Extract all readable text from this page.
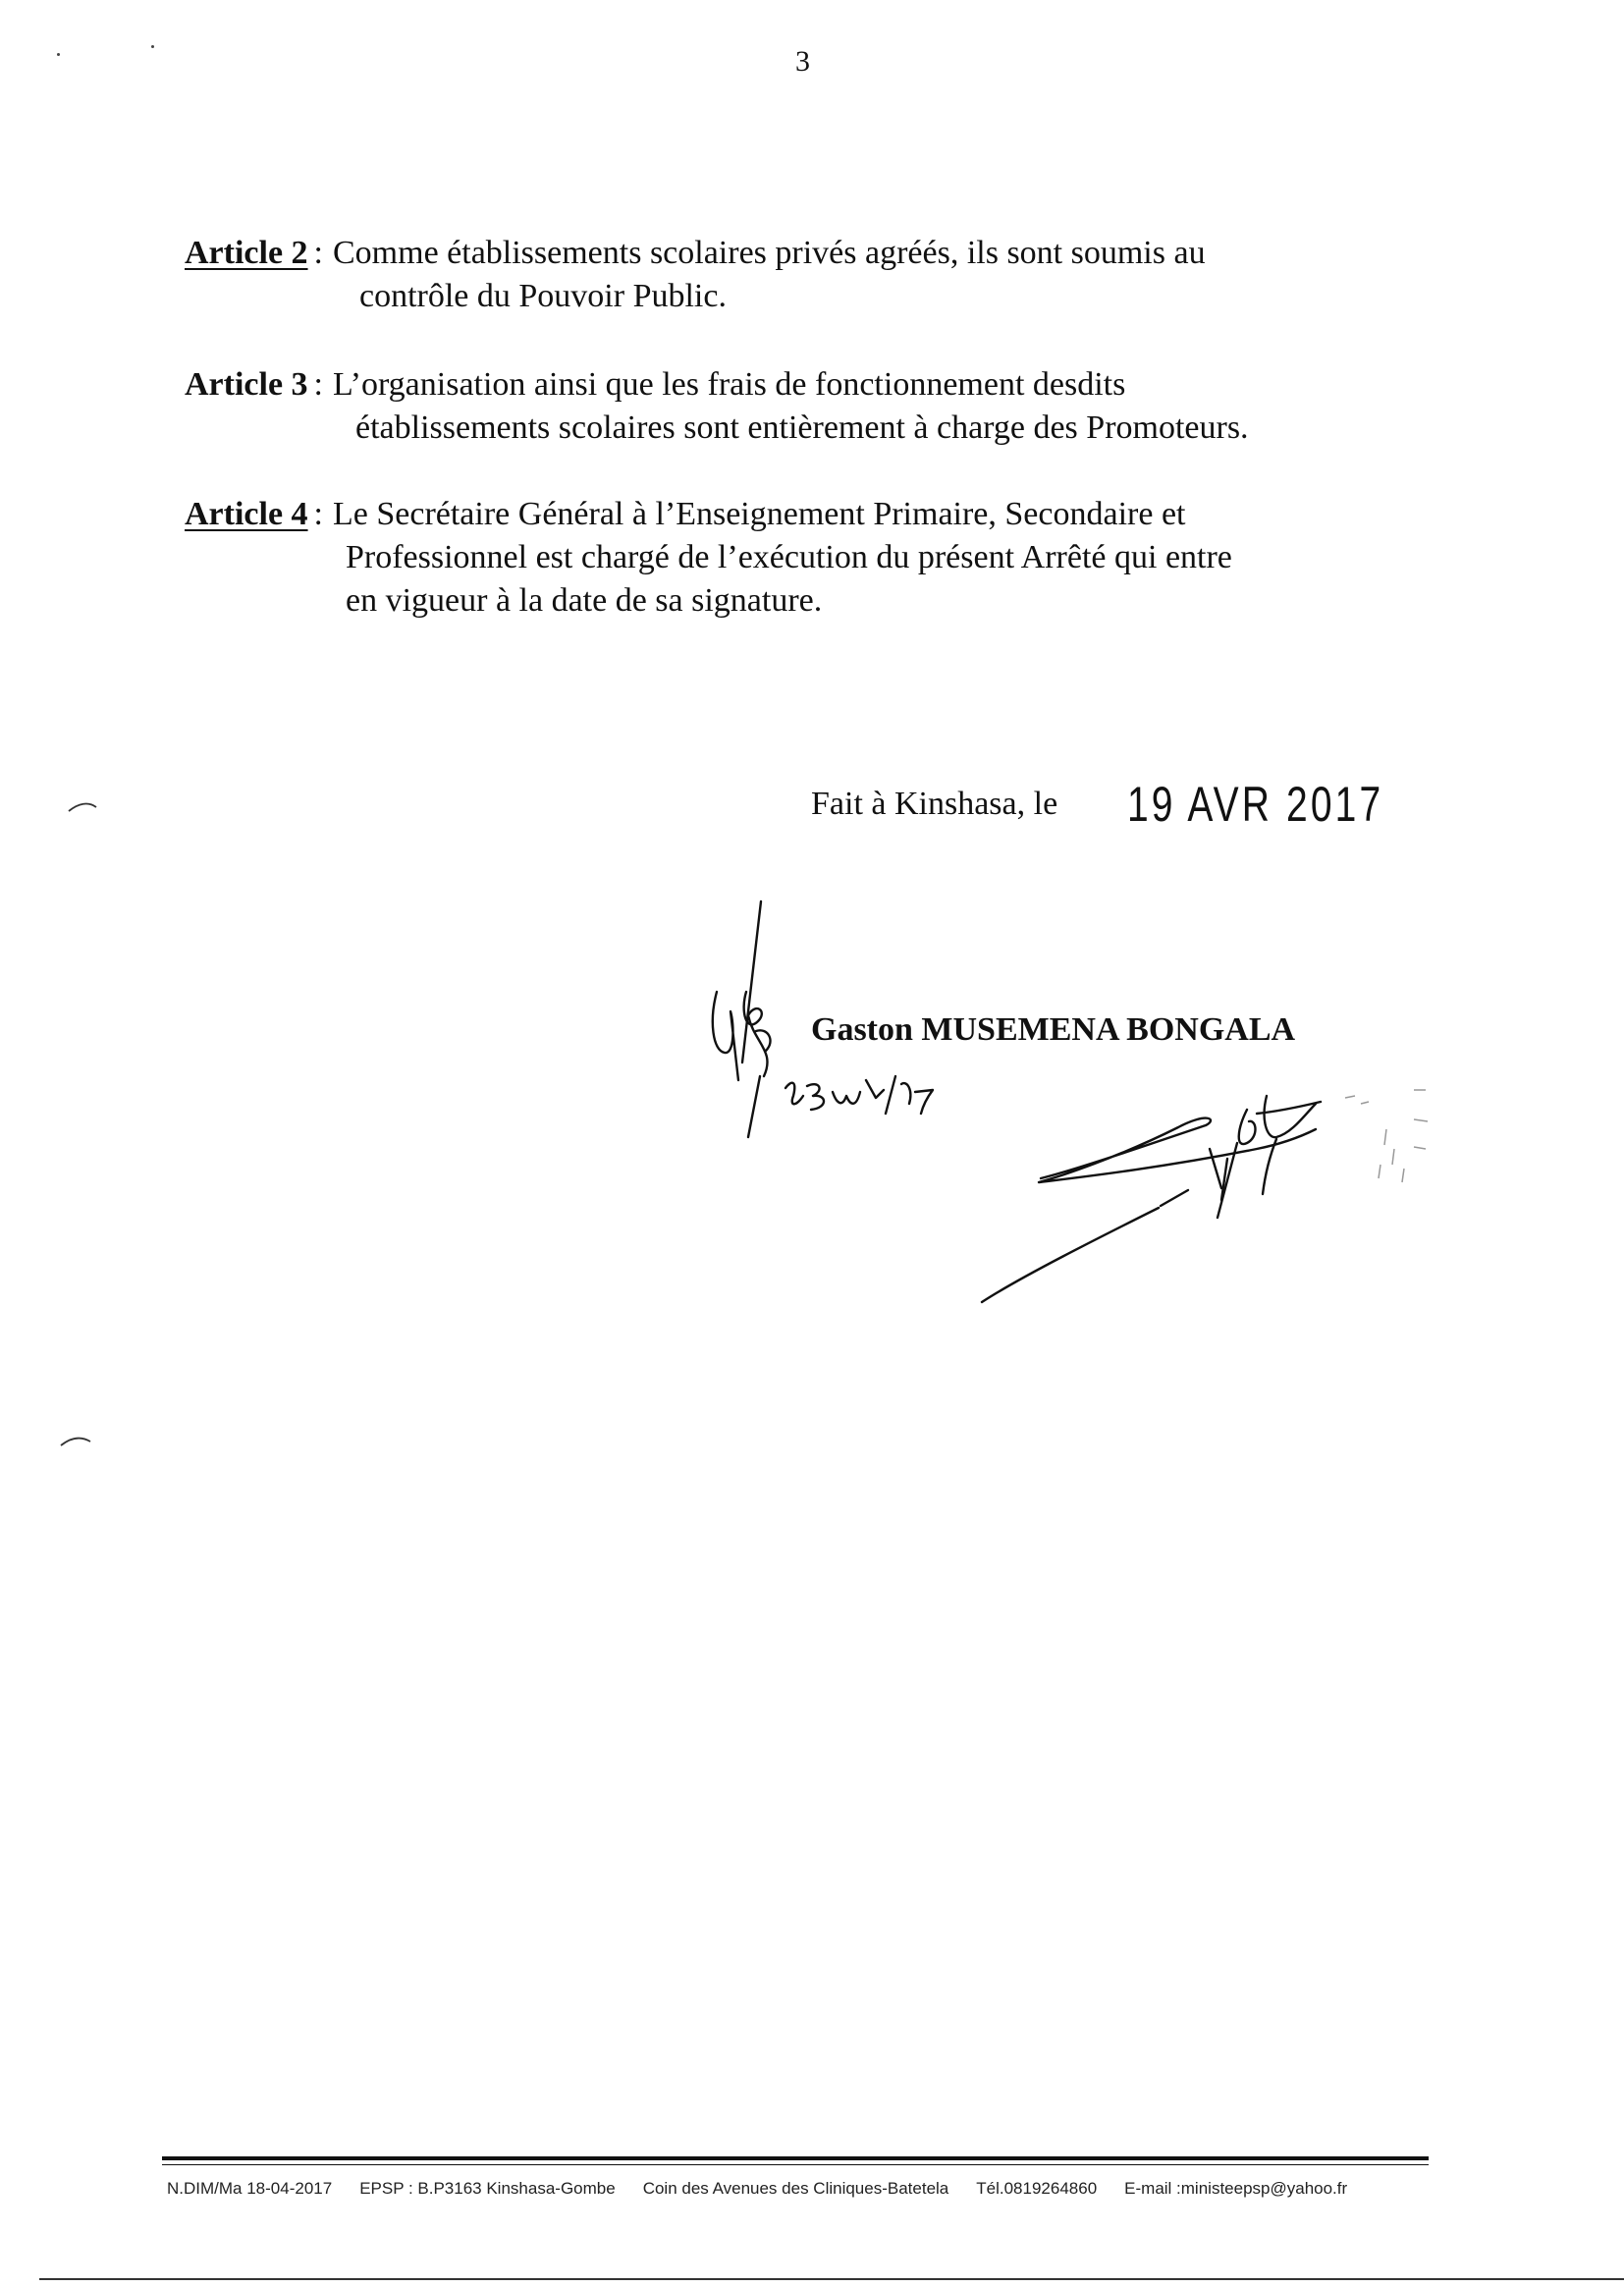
3
Article 2 : Comme établissements scolaires privés agréés, ils sont soumis au
contrôle du Pouvoir Public.
Article 3 : L’organisation ainsi que les frais de fonctionnement desdits
établissements scolaires sont entièrement à charge des Promoteurs.
Article 4 : Le Secrétaire Général à l’Enseignement Primaire, Secondaire et
Professionnel est chargé de l’exécution du présent Arrêté qui entre
en vigueur à la date de sa signature.
Fait à Kinshasa, le 19 AVR 2017
Gaston MUSEMENA BONGALA
N.DIM/Ma 18-04-2017 EPSP : B.P3163 Kinshasa-Gombe Coin des Avenues des Cliniques-Batetela Tél.0819264860 E-mail :ministeepsp@yahoo.fr
